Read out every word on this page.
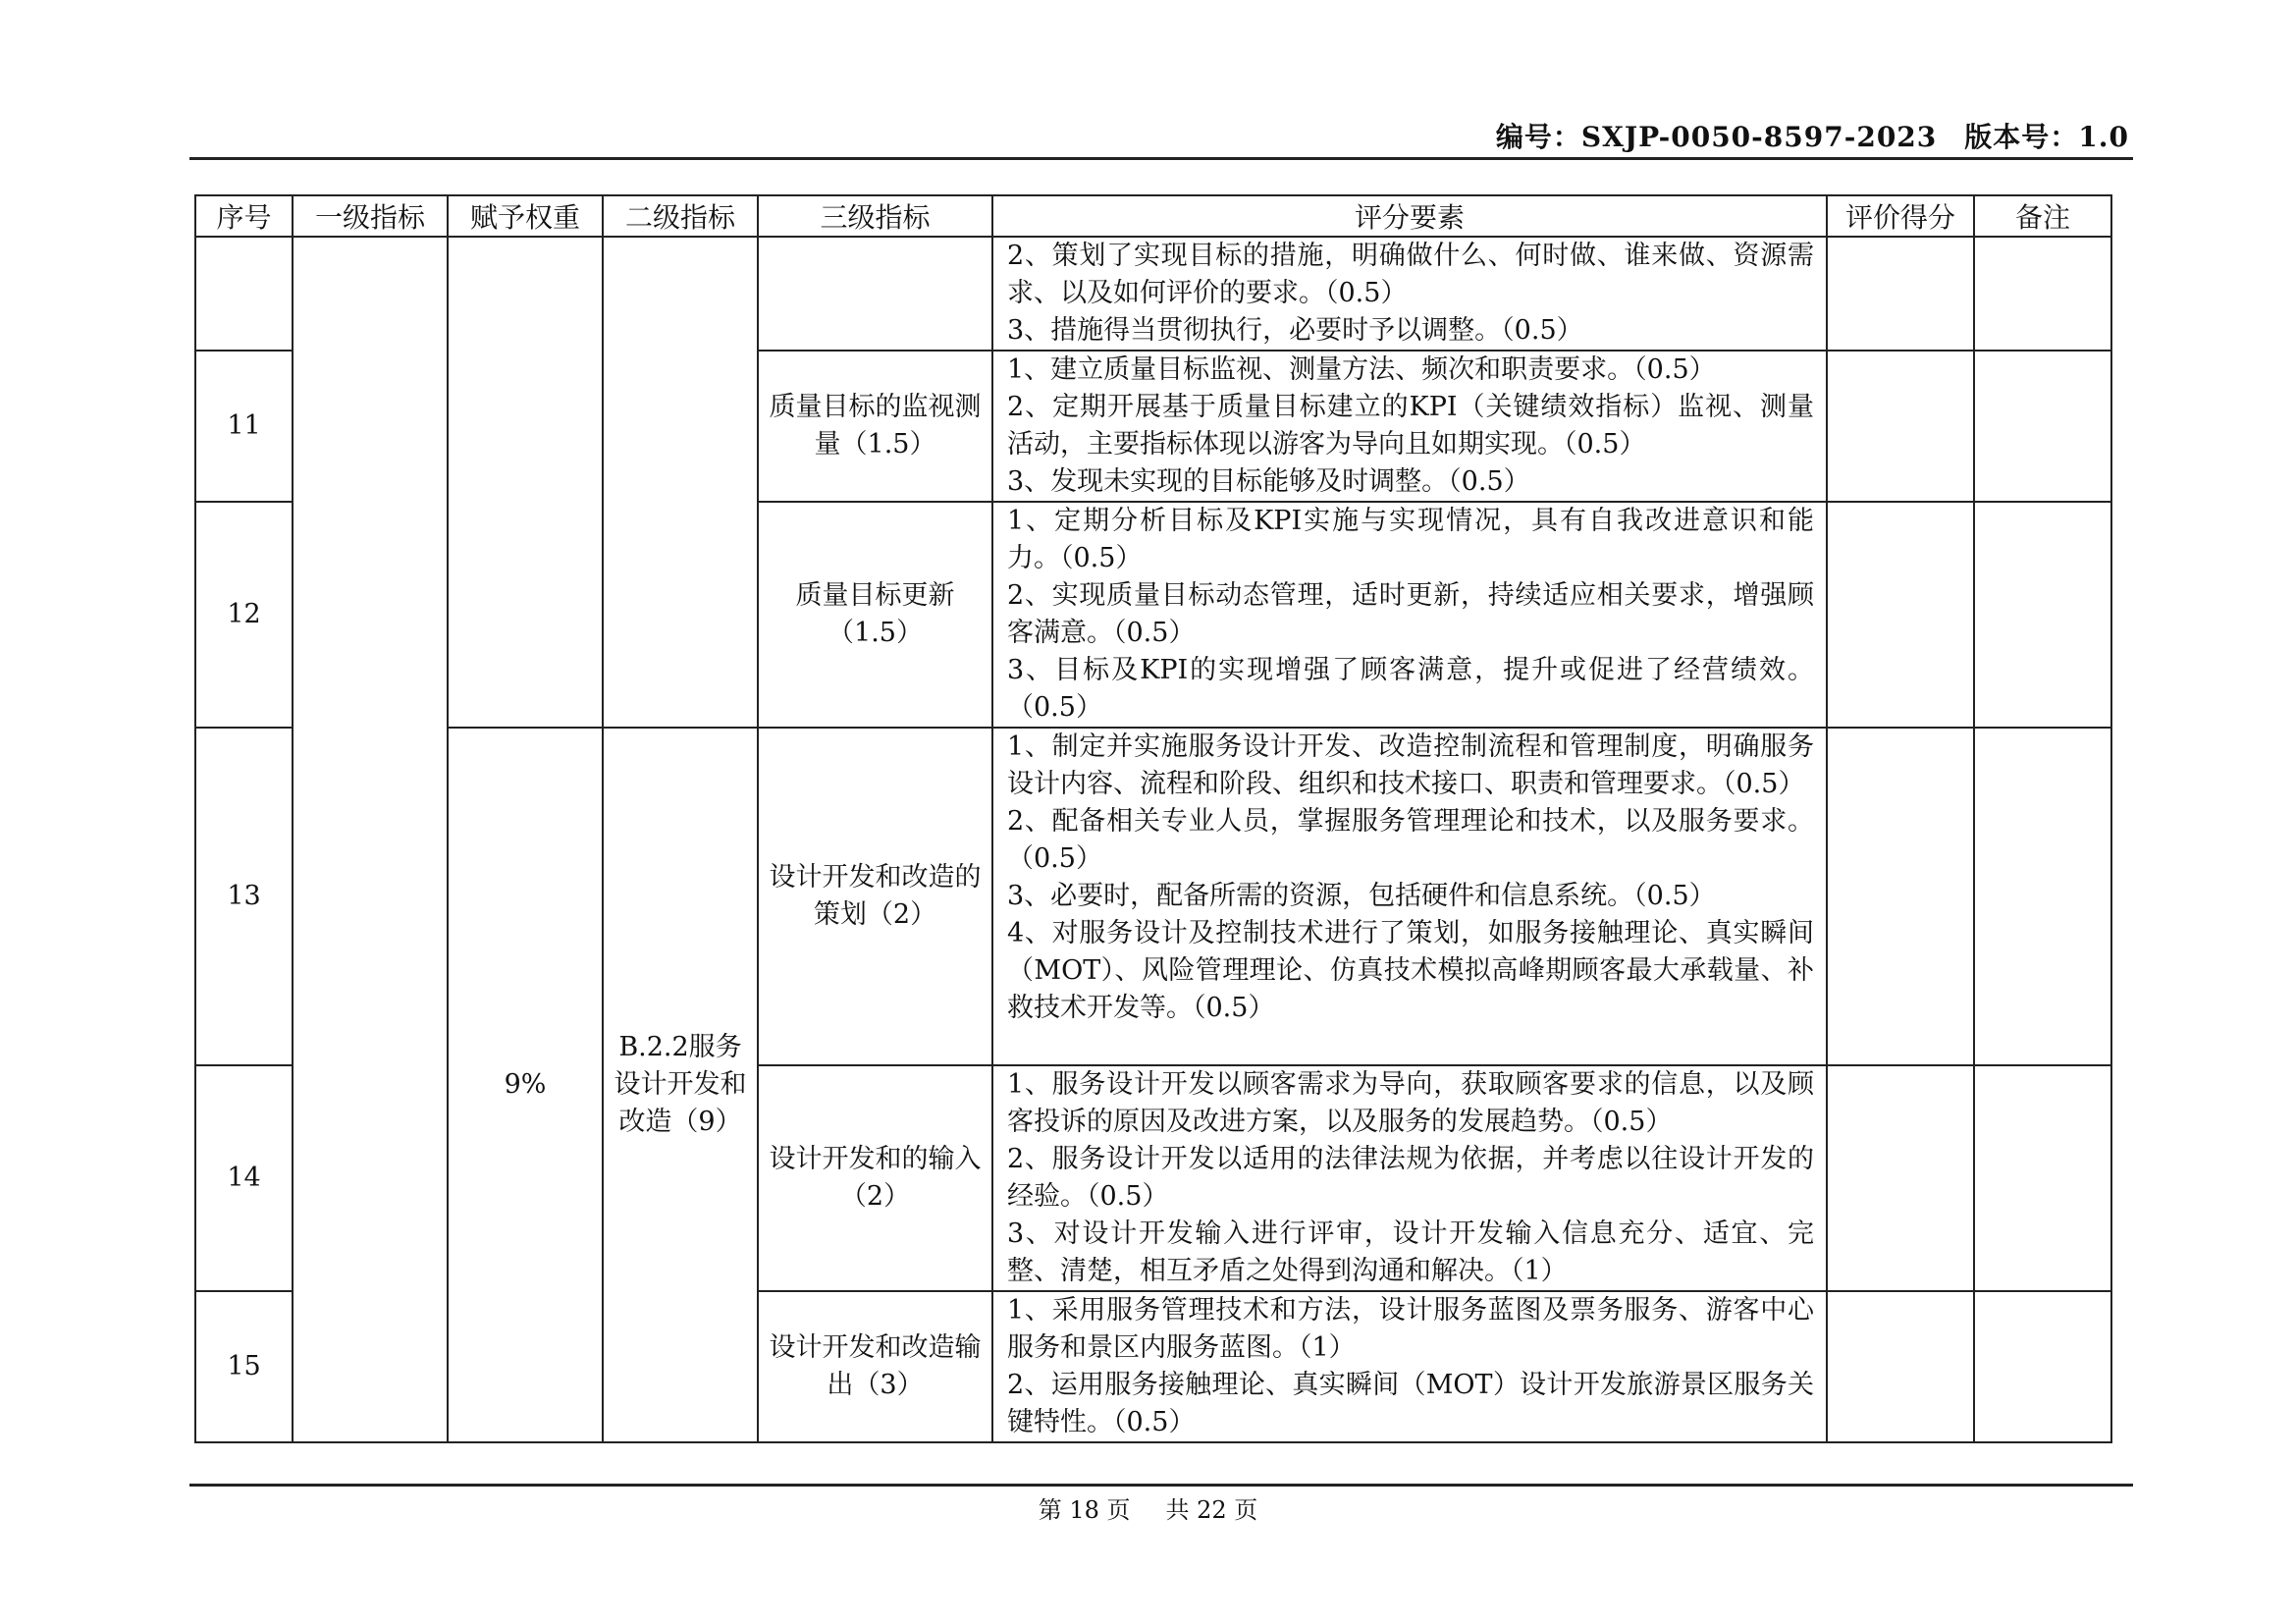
编号：SXJP-0050-8597-2023 版本号：1.0
序号	一级指标	赋予权重	二级指标	三级指标	评分要素	评价得分	备注

					2、策划了实现目标的措施，明确做什么、何时做、谁来做、资源需求、以及如何评价的要求。（0.5）
3、措施得当贯彻执行，必要时予以调整。（0.5）		

11				质量目标的监视测量（1.5）	1、建立质量目标监视、测量方法、频次和职责要求。（0.5）
2、定期开展基于质量目标建立的KPI（关键绩效指标）监视、测量活动，主要指标体现以游客为导向且如期实现。（0.5）
3、发现未实现的目标能够及时调整。（0.5）		

12				质量目标更新（1.5）	1、定期分析目标及KPI实施与实现情况，具有自我改进意识和能力。（0.5）
2、实现质量目标动态管理，适时更新，持续适应相关要求，增强顾客满意。（0.5）
3、目标及KPI的实现增强了顾客满意，提升或促进了经营绩效。（0.5）		

13		9%	B.2.2服务设计开发和改造（9）	设计开发和改造的策划（2）	1、制定并实施服务设计开发、改造控制流程和管理制度，明确服务设计内容、流程和阶段、组织和技术接口、职责和管理要求。（0.5）
2、配备相关专业人员，掌握服务管理理论和技术，以及服务要求。（0.5）
3、必要时，配备所需的资源，包括硬件和信息系统。（0.5）
4、对服务设计及控制技术进行了策划，如服务接触理论、真实瞬间（MOT）、风险管理理论、仿真技术模拟高峰期顾客最大承载量、补救技术开发等。（0.5）		

14				设计开发和的输入（2）	1、服务设计开发以顾客需求为导向，获取顾客要求的信息，以及顾客投诉的原因及改进方案，以及服务的发展趋势。（0.5）
2、服务设计开发以适用的法律法规为依据，并考虑以往设计开发的经验。（0.5）
3、对设计开发输入进行评审，设计开发输入信息充分、适宜、完整、清楚，相互矛盾之处得到沟通和解决。（1）		

15				设计开发和改造输出（3）	1、采用服务管理技术和方法，设计服务蓝图及票务服务、游客中心服务和景区内服务蓝图。（1）
2、运用服务接触理论、真实瞬间（MOT）设计开发旅游景区服务关键特性。（0.5）		

第 18 页 共 22 页
